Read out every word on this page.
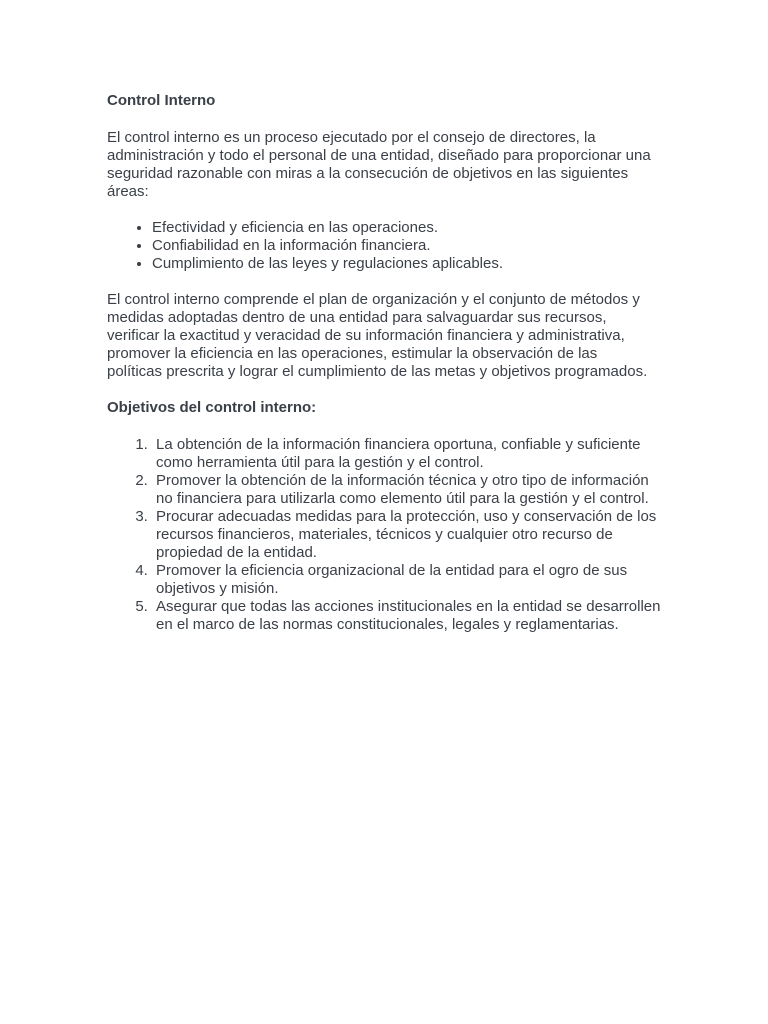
Control Interno

El control interno es un proceso ejecutado por el consejo de directores, la administración y todo el personal de una entidad, diseñado para proporcionar una seguridad razonable con miras a la consecución de objetivos en las siguientes áreas:

• Efectividad y eficiencia en las operaciones.
• Confiabilidad en la información financiera.
• Cumplimiento de las leyes y regulaciones aplicables.

El control interno comprende el plan de organización y el conjunto de métodos y medidas adoptadas dentro de una entidad para salvaguardar sus recursos, verificar la exactitud y veracidad de su información financiera y administrativa, promover la eficiencia en las operaciones, estimular la observación de las políticas prescrita y lograr el cumplimiento de las metas y objetivos programados.

Objetivos del control interno:
1. La obtención de la información financiera oportuna, confiable y suficiente como herramienta útil para la gestión y el control.
2. Promover la obtención de la información técnica y otro tipo de información no financiera para utilizarla como elemento útil para la gestión y el control.
3. Procurar adecuadas medidas para la protección, uso y conservación de los recursos financieros, materiales, técnicos y cualquier otro recurso de propiedad de la entidad.
4. Promover la eficiencia organizacional de la entidad para el ogro de sus objetivos y misión.
5. Asegurar que todas las acciones institucionales en la entidad se desarrollen en el marco de las normas constitucionales, legales y reglamentarias.
